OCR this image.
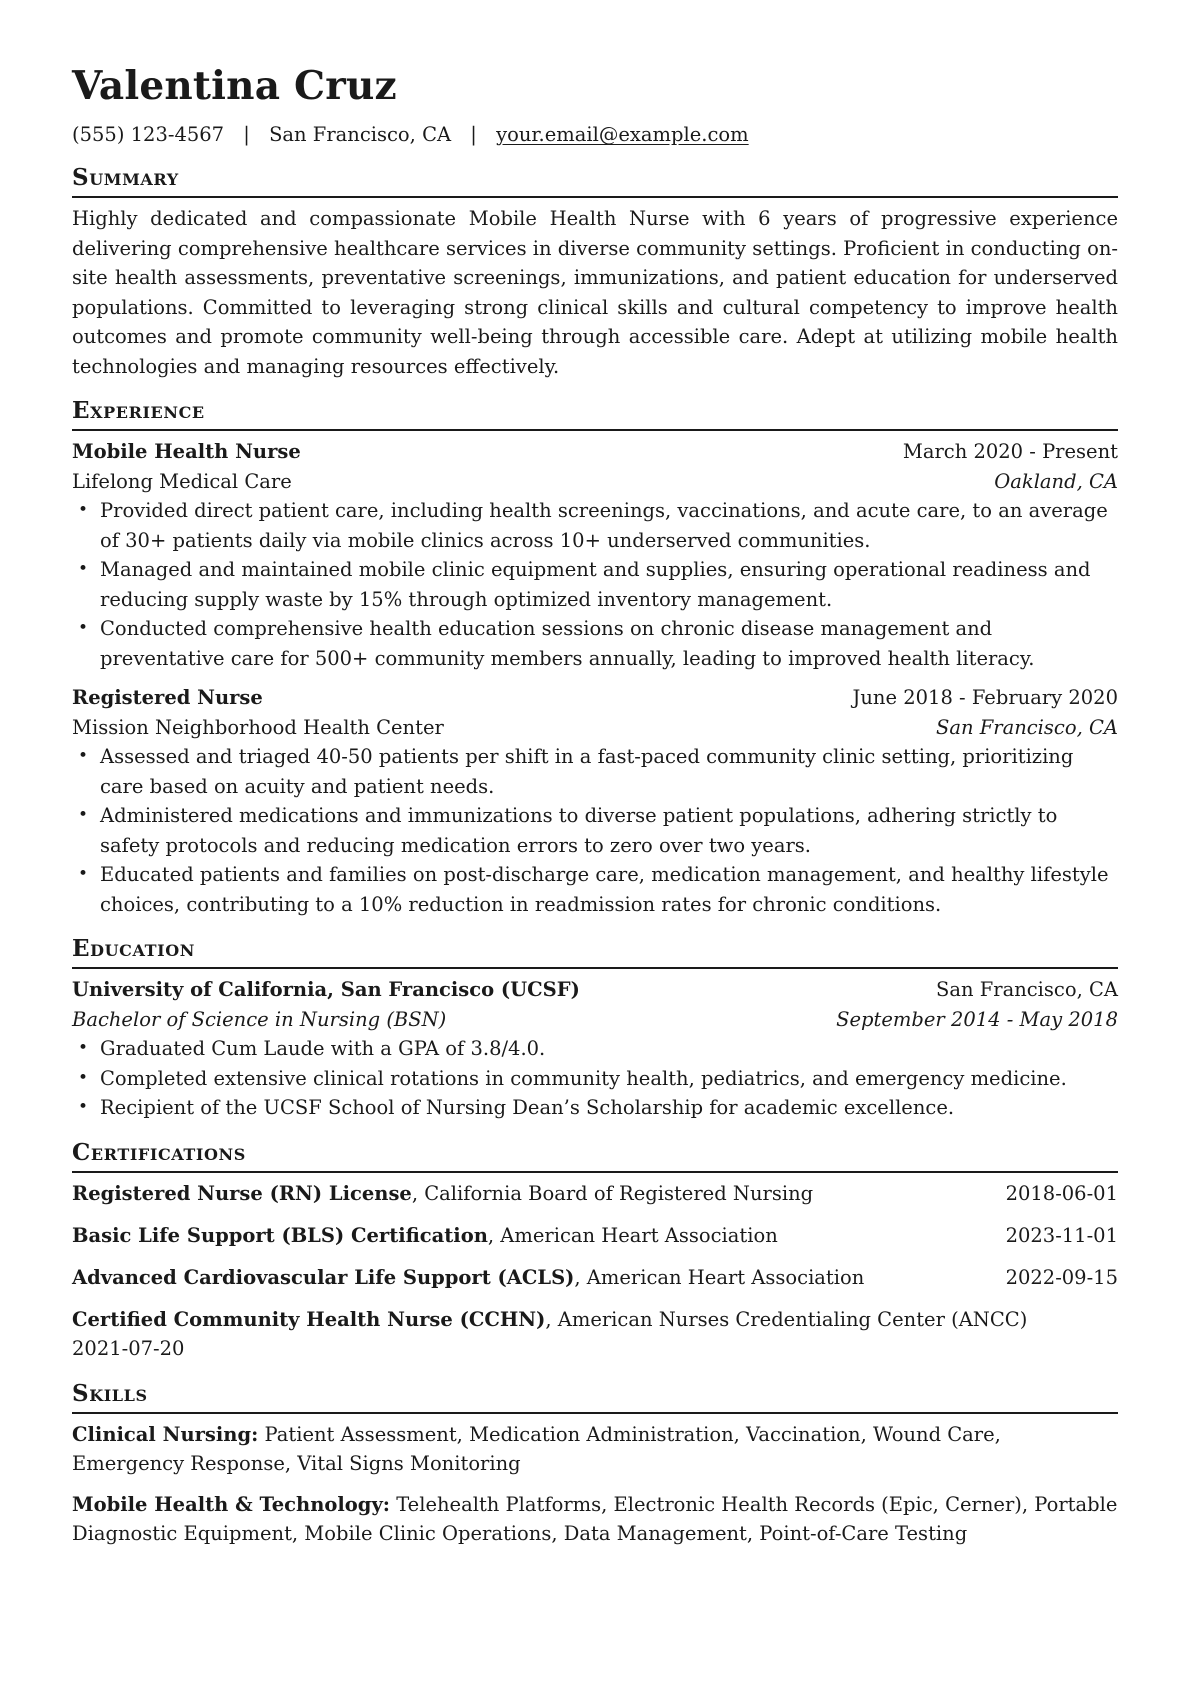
Valentina Cruz
(555) 123-4567 | San Francisco, CA | your.email@example.com
Summary

Highly dedicated and compassionate Mobile Health Nurse with 6 years of progressive experience delivering comprehensive healthcare services in diverse community settings. Proficient in conducting on-site health assessments, preventative screenings, immunizations, and patient education for underserved populations. Committed to leveraging strong clinical skills and cultural competency to improve health outcomes and promote community well-being through accessible care. Adept at utilizing mobile health technologies and managing resources effectively.

Experience
Mobile Health Nurse	March 2020 - Present
Lifelong Medical Care	Oakland, CA
• Provided direct patient care, including health screenings, vaccinations, and acute care, to an average of 30+ patients daily via mobile clinics across 10+ underserved communities.
• Managed and maintained mobile clinic equipment and supplies, ensuring operational readiness and reducing supply waste by 15% through optimized inventory management.
• Conducted comprehensive health education sessions on chronic disease management and preventative care for 500+ community members annually, leading to improved health literacy.
Registered Nurse	June 2018 - February 2020
Mission Neighborhood Health Center	San Francisco, CA
• Assessed and triaged 40-50 patients per shift in a fast-paced community clinic setting, prioritizing care based on acuity and patient needs.
• Administered medications and immunizations to diverse patient populations, adhering strictly to safety protocols and reducing medication errors to zero over two years.
• Educated patients and families on post-discharge care, medication management, and healthy lifestyle choices, contributing to a 10% reduction in readmission rates for chronic conditions.
Education
University of California, San Francisco (UCSF)	San Francisco, CA
Bachelor of Science in Nursing (BSN)	September 2014 - May 2018
• Graduated Cum Laude with a GPA of 3.8/4.0.
• Completed extensive clinical rotations in community health, pediatrics, and emergency medicine.
• Recipient of the UCSF School of Nursing Dean’s Scholarship for academic excellence.
Certifications
Registered Nurse (RN) License, California Board of Registered Nursing	2018-06-01
Basic Life Support (BLS) Certification, American Heart Association	2023-11-01
Advanced Cardiovascular Life Support (ACLS), American Heart Association	2022-09-15
Certified Community Health Nurse (CCHN), American Nurses Credentialing Center (ANCC)
2021-07-20
Skills
Clinical Nursing: Patient Assessment, Medication Administration, Vaccination, Wound Care, Emergency Response, Vital Signs Monitoring
Mobile Health & Technology: Telehealth Platforms, Electronic Health Records (Epic, Cerner), Portable Diagnostic Equipment, Mobile Clinic Operations, Data Management, Point-of-Care Testing
